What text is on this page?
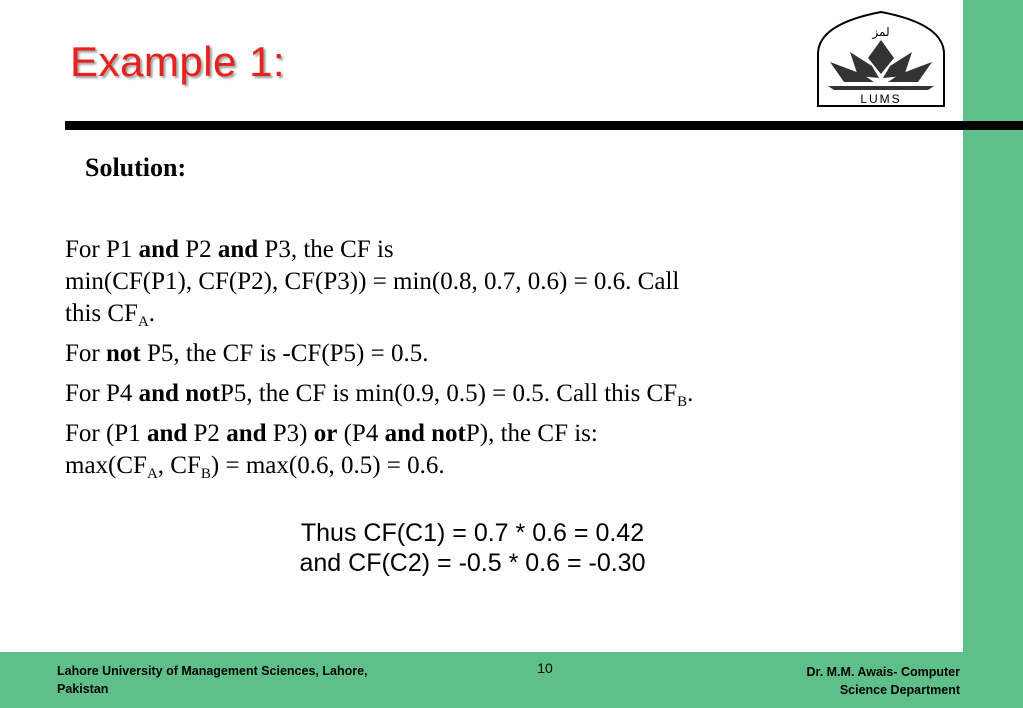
Example 1:
لمز
LUMS
Solution:

For P1 and P2 and P3, the CF is
min(CF(P1), CF(P2), CF(P3)) = min(0.8, 0.7, 0.6) = 0.6. Call
this $CF_A$.

For not P5, the CF is -CF(P5) = 0.5.

For P4 and notP5, the CF is min(0.9, 0.5) = 0.5. Call this $CF_B$.

For (P1 and P2 and P3) or (P4 and notP), the CF is:
$\max(CF_A$, $CF_B) = \max(0.6$, 0.5) = 0.6.

Thus CF(C1) = 0.7 * 0.6 = 0.42
and CF(C2) = -0.5 * 0.6 = -0.30
Lahore University of Management Sciences, Lahore,
Pakistan
10	Dr. M.M. Awais- Computer
Science Department
